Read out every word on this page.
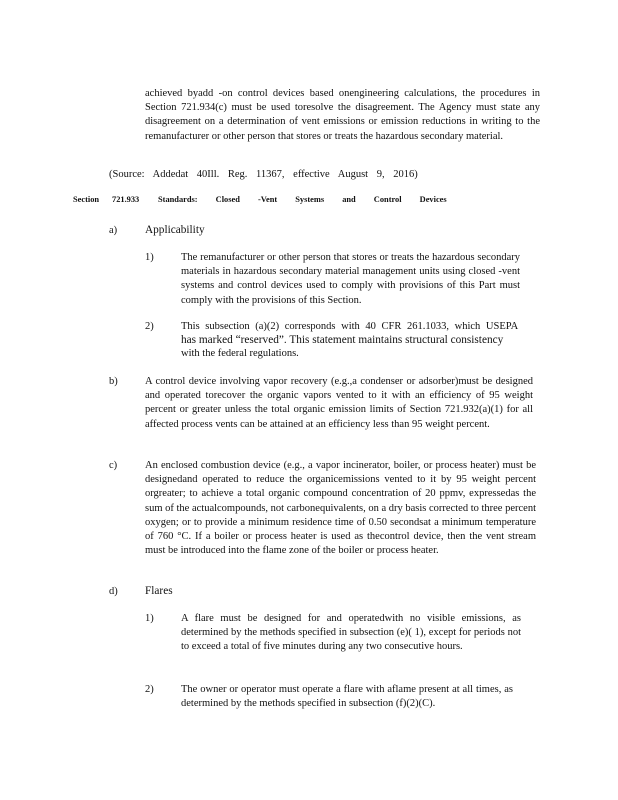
achieved byadd -on control devices based onengineering calculations, the procedures in Section 721.934(c) must be used toresolve the disagreement. The Agency must state any disagreement on a determination of vent emissions or emission reductions in writing to the remanufacturer or other person that stores or treats the hazardous secondary material.
(Source: Addedat 40Ill. Reg. 11367, effective August 9, 2016)
Section 721.933 Standards: Closed -Vent Systems and Control Devices
a) Applicability
1)	The remanufacturer or other person that stores or treats the hazardous secondary materials in hazardous secondary material management units using closed -vent systems and control devices used to comply with provisions of this Part must comply with the provisions of this Section.
2)	This subsection (a)(2) corresponds with 40 CFR 261.1033, which USEPA
has marked “reserved”. This statement maintains structural consistency
with the federal regulations.
b)	A control device involving vapor recovery (e.g.,a condenser or adsorber)must be designed and operated torecover the organic vapors vented to it with an efficiency of 95 weight percent or greater unless the total organic emission limits of Section 721.932(a)(1) for all affected process vents can be attained at an efficiency less than 95 weight percent.
c)	An enclosed combustion device (e.g., a vapor incinerator, boiler, or process heater) must be designedand operated to reduce the organicemissions vented to it by 95 weight percent orgreater; to achieve a total organic compound concentration of 20 ppmv, expressedas the sum of the actualcompounds, not carbonequivalents, on a dry basis corrected to three percent oxygen; or to provide a minimum residence time of 0.50 secondsat a minimum temperature of 760 °C. If a boiler or process heater is used as thecontrol device, then the vent stream must be introduced into the flame zone of the boiler or process heater.
d) Flares
1)	A flare must be designed for and operatedwith no visible emissions, as determined by the methods specified in subsection (e)( 1), except for periods not to exceed a total of five minutes during any two consecutive hours.
2)	The owner or operator must operate a flare with aflame present at all times, as determined by the methods specified in subsection (f)(2)(C).
